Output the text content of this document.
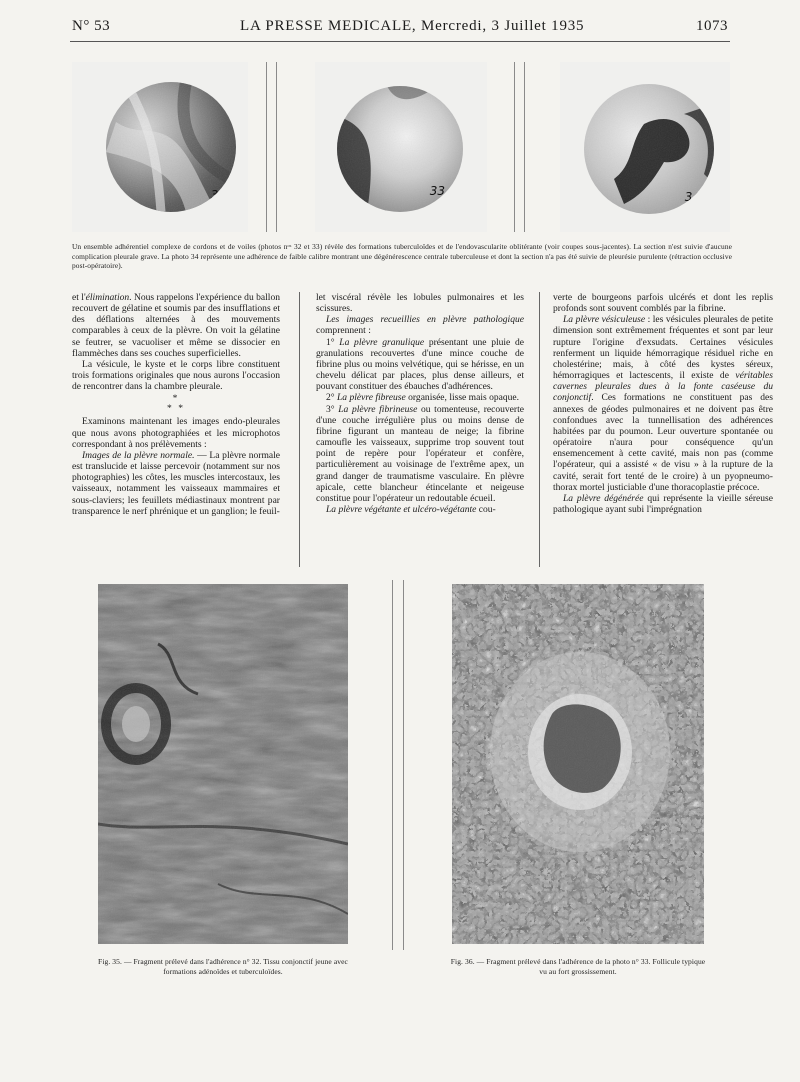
N° 53	LA PRESSE MEDICALE, Mercredi, 3 Juillet 1935	1073
32	33	34
Un ensemble adhérentiel complexe de cordons et de voiles (photos nᵒˢ 32 et 33) révèle des formations tuberculoïdes et de l'endovascularite oblitérante (voir coupes sous-jacentes). La section n'est suivie d'aucune complication pleurale grave. La photo 34 représente une adhérence de faible calibre montrant une dégénérescence centrale tuberculeuse et dont la section n'a pas été suivie de pleurésie purulente (rétraction occlusive post-opératoire).

et l'élimination. Nous rappelons l'expérience du ballon recouvert de gélatine et soumis par des insufflations et des déflations alternées à des mouvements comparables à ceux de la plèvre. On voit la gélatine se feutrer, se vacuoliser et même se dissocier en flammèches dans ses couches superficielles.

La vésicule, le kyste et le corps libre constituent trois formations originales que nous aurons l'occasion de rencontrer dans la chambre pleurale.

*
* *

Examinons maintenant les images endo-pleurales que nous avons photographiées et les microphotos correspondant à nos prélèvements :

Images de la plèvre normale. — La plèvre normale est translucide et laisse percevoir (notamment sur nos photographies) les côtes, les muscles intercostaux, les vaisseaux, notamment les vaisseaux mammaires et sous-claviers; les feuillets médiastinaux montrent par transparence le nerf phrénique et un ganglion; le feuil-

let viscéral révèle les lobules pulmonaires et les scissures.

Les images recueillies en plèvre pathologique comprennent :

1° La plèvre granulique présentant une pluie de granulations recouvertes d'une mince couche de fibrine plus ou moins velvétique, qui se hérisse, en un chevelu délicat par places, plus dense ailleurs, et pouvant constituer des ébauches d'adhérences.

2° La plèvre fibreuse organisée, lisse mais opaque.

3° La plèvre fibrineuse ou tomenteuse, recouverte d'une couche irrégulière plus ou moins dense de fibrine figurant un manteau de neige; la fibrine camoufle les vaisseaux, supprime trop souvent tout point de repère pour l'opérateur et confère, particulièrement au voisinage de l'extrême apex, un grand danger de traumatisme vasculaire. En plèvre apicale, cette blancheur étincelante et neigeuse constitue pour l'opérateur un redoutable écueil.

La plèvre végétante et ulcéro-végétante cou-

verte de bourgeons parfois ulcérés et dont les replis profonds sont souvent comblés par la fibrine.

La plèvre vésiculeuse : les vésicules pleurales de petite dimension sont extrêmement fréquentes et sont par leur rupture l'origine d'exsudats. Certaines vésicules renferment un liquide hémorragique résiduel riche en cholestérine; mais, à côté des kystes séreux, hémorragiques et lactescents, il existe de véritables cavernes pleurales dues à la fonte caséeuse du conjonctif. Ces formations ne constituent pas des annexes de géodes pulmonaires et ne doivent pas être confondues avec la tunnellisation des adhérences habitées par du poumon. Leur ouverture spontanée ou opératoire n'aura pour conséquence qu'un ensemencement à cette cavité, mais non pas (comme l'opérateur, qui a assisté « de visu » à la rupture de la cavité, serait fort tenté de le croire) à un pyopneumo-thorax mortel justiciable d'une thoracoplastie précoce.

La plèvre dégénérée qui représente la vieille séreuse pathologique ayant subi l'imprégnation

Fig. 35. — Fragment prélevé dans l'adhérence n° 32. Tissu conjonctif jeune avec formations adénoïdes et tuberculoïdes.
Fig. 36. — Fragment prélevé dans l'adhérence de la photo n° 33. Follicule typique vu au fort grossissement.
